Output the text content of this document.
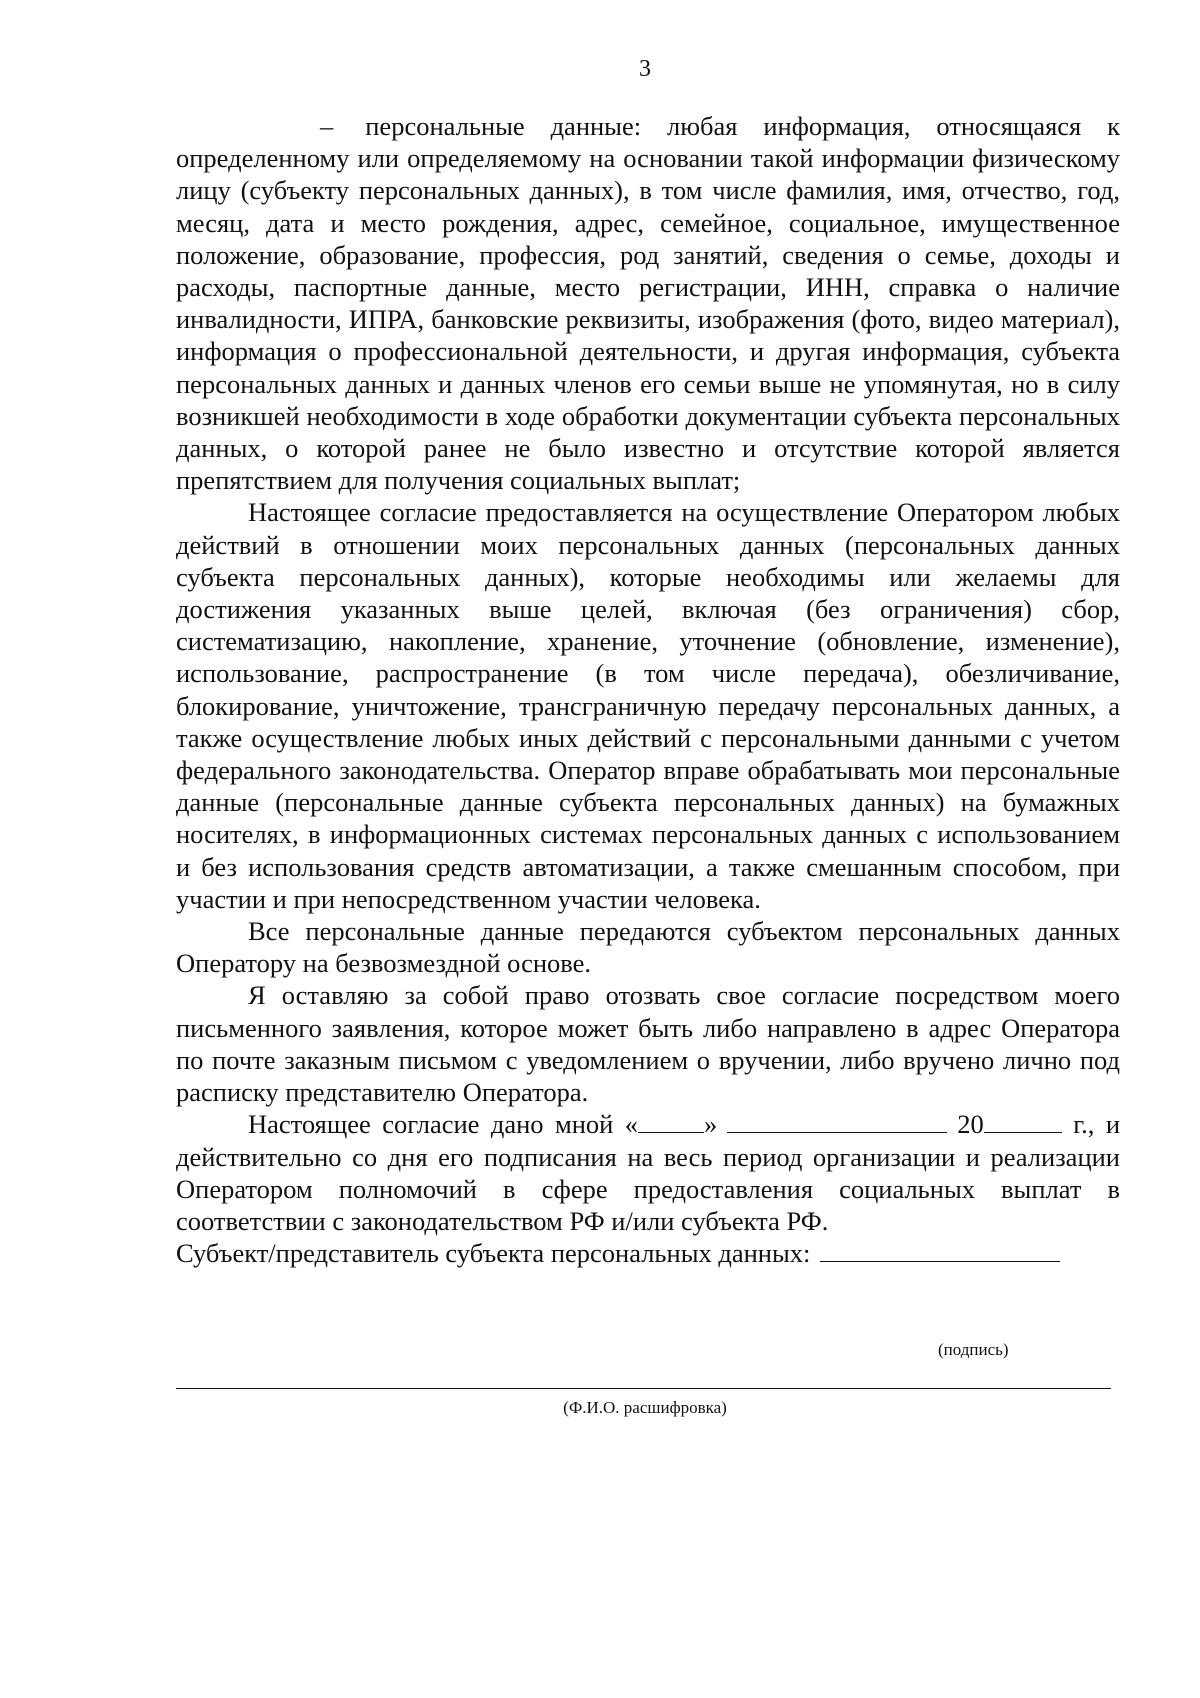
3

– персональные данные: любая информация, относящаяся к определенному или определяемому на основании такой информации физическому лицу (субъекту персональных данных), в том числе фамилия, имя, отчество, год, месяц, дата и место рождения, адрес, семейное, социальное, имущественное положение, образование, профессия, род занятий, сведения о семье, доходы и расходы, паспортные данные, место регистрации, ИНН, справка о наличие инвалидности, ИПРА, банковские реквизиты, изображения (фото, видео материал), информация о профессиональной деятельности, и другая информация, субъекта персональных данных и данных членов его семьи выше не упомянутая, но в силу возникшей необходимости в ходе обработки документации субъекта персональных данных, о которой ранее не было известно и отсутствие которой является препятствием для получения социальных выплат;

Настоящее согласие предоставляется на осуществление Оператором любых действий в отношении моих персональных данных (персональных данных субъекта персональных данных), которые необходимы или желаемы для достижения указанных выше целей, включая (без ограничения) сбор, систематизацию, накопление, хранение, уточнение (обновление, изменение), использование, распространение (в том числе передача), обезличивание, блокирование, уничтожение, трансграничную передачу персональных данных, а также осуществление любых иных действий с персональными данными с учетом федерального законодательства. Оператор вправе обрабатывать мои персональные данные (персональные данные субъекта персональных данных) на бумажных носителях, в информационных системах персональных данных с использованием и без использования средств автоматизации, а также смешанным способом, при участии и при непосредственном участии человека.

Все персональные данные передаются субъектом персональных данных Оператору на безвозмездной основе.

Я оставляю за собой право отозвать свое согласие посредством моего письменного заявления, которое может быть либо направлено в адрес Оператора по почте заказным письмом с уведомлением о вручении, либо вручено лично под расписку представителю Оператора.

Настоящее согласие дано мной « »	20	г., и действительно со дня его подписания на весь период организации и реализации Оператором полномочий в сфере предоставления социальных выплат в соответствии с законодательством РФ и/или субъекта РФ.

Субъект/представитель субъекта персональных данных:

(подпись)
(Ф.И.О. расшифровка)
